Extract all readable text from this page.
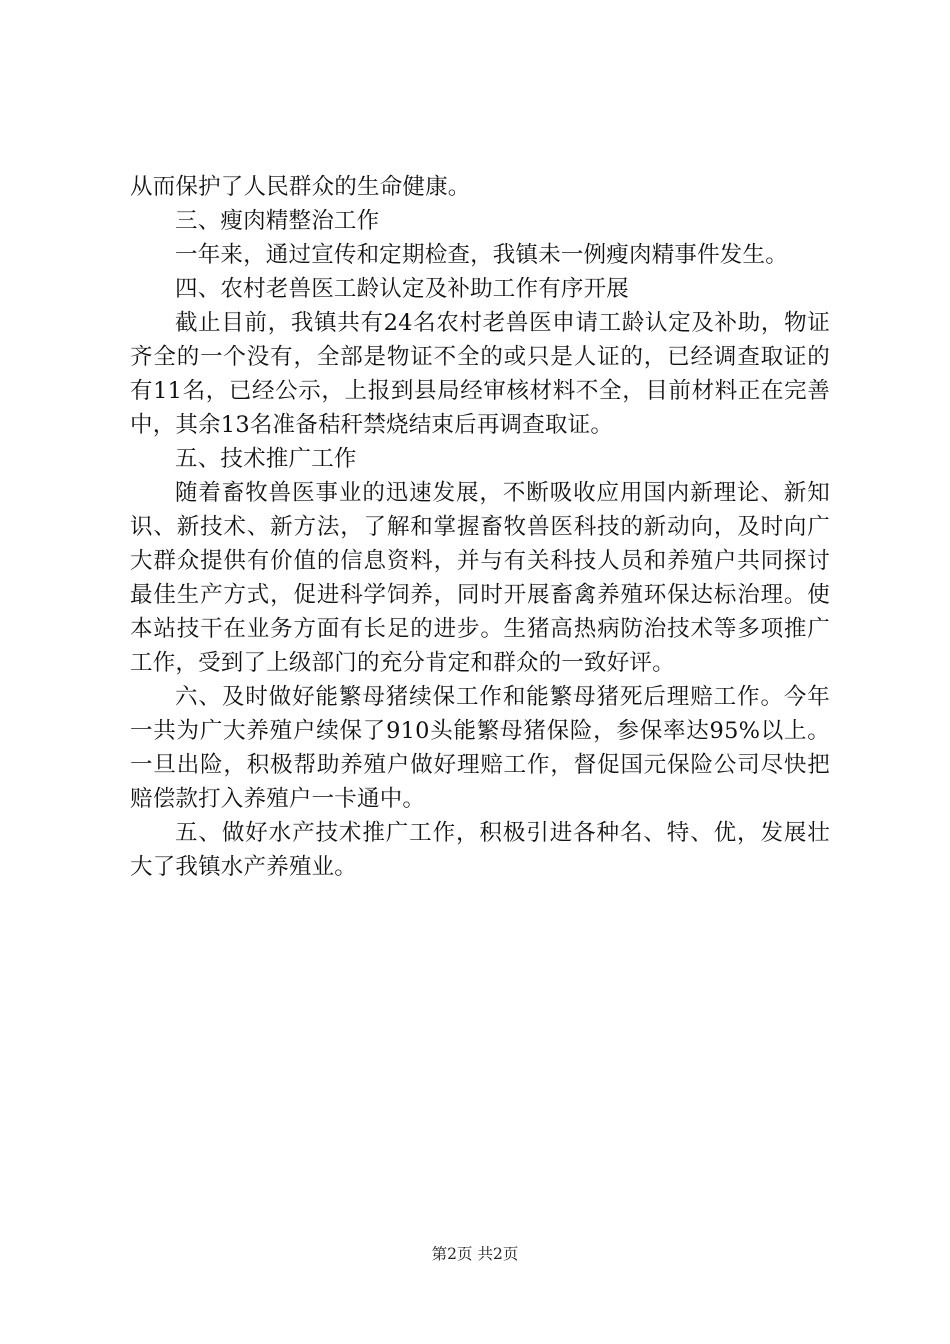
从而保护了人民群众的生命健康。

三、瘦肉精整治工作

一年来，通过宣传和定期检查，我镇未一例瘦肉精事件发生。

四、农村老兽医工龄认定及补助工作有序开展

截止目前，我镇共有24名农村老兽医申请工龄认定及补助，物证齐全的一个没有，全部是物证不全的或只是人证的，已经调查取证的有11名，已经公示，上报到县局经审核材料不全，目前材料正在完善中，其余13名准备秸秆禁烧结束后再调查取证。

五、技术推广工作

随着畜牧兽医事业的迅速发展，不断吸收应用国内新理论、新知识、新技术、新方法，了解和掌握畜牧兽医科技的新动向，及时向广大群众提供有价值的信息资料，并与有关科技人员和养殖户共同探讨最佳生产方式，促进科学饲养，同时开展畜禽养殖环保达标治理。使本站技干在业务方面有长足的进步。生猪高热病防治技术等多项推广工作，受到了上级部门的充分肯定和群众的一致好评。

六、及时做好能繁母猪续保工作和能繁母猪死后理赔工作。今年一共为广大养殖户续保了910头能繁母猪保险，参保率达95%以上。一旦出险，积极帮助养殖户做好理赔工作，督促国元保险公司尽快把赔偿款打入养殖户一卡通中。

五、做好水产技术推广工作，积极引进各种名、特、优，发展壮大了我镇水产养殖业。

第2页 共2页
